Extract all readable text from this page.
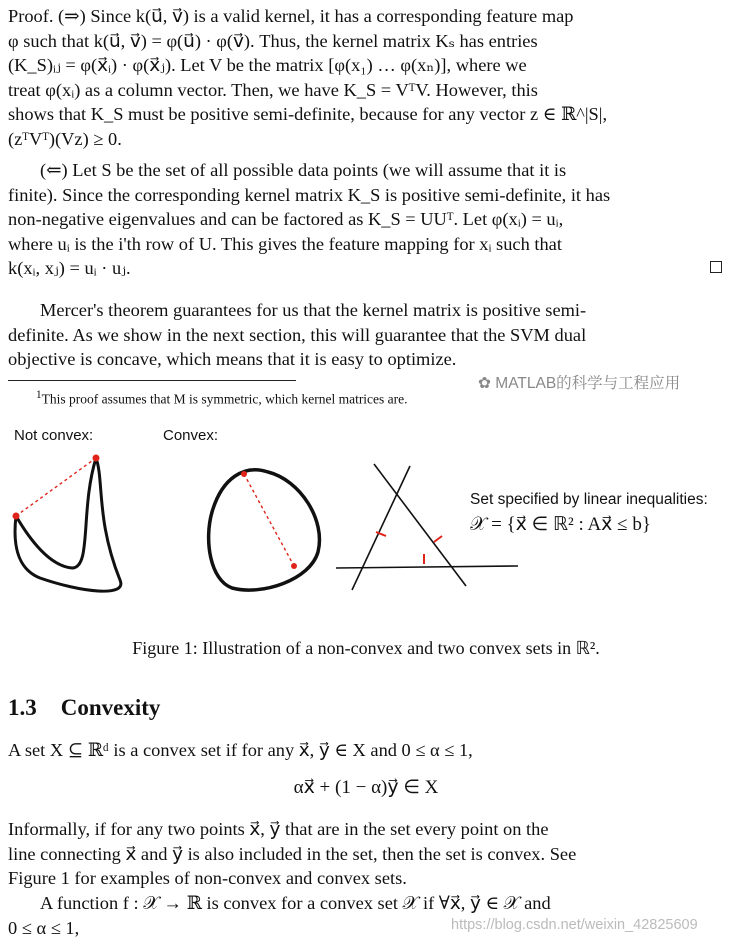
Proof. (⇒) Since k(u⃗, v⃗) is a valid kernel, it has a corresponding feature map
φ such that k(u⃗, v⃗) = φ(u⃗) · φ(v⃗). Thus, the kernel matrix Kₛ has entries
(K_S)ᵢⱼ = φ(x⃗ᵢ) · φ(x⃗ⱼ). Let V be the matrix [φ(x₁) … φ(xₙ)], where we
treat φ(xᵢ) as a column vector. Then, we have K_S = VᵀV. However, this
shows that K_S must be positive semi-definite, because for any vector z ∈ ℝ^|S|,
(zᵀVᵀ)(Vz) ≥ 0.
(⇐) Let S be the set of all possible data points (we will assume that it is
finite). Since the corresponding kernel matrix K_S is positive semi-definite, it has
non-negative eigenvalues and can be factored as K_S = UUᵀ. Let φ(xᵢ) = uᵢ,
where uᵢ is the i'th row of U. This gives the feature mapping for xᵢ such that
k(xᵢ, xⱼ) = uᵢ · uⱼ.
Mercer's theorem guarantees for us that the kernel matrix is positive semi-
definite. As we show in the next section, this will guarantee that the SVM dual
objective is concave, which means that it is easy to optimize.
✿ MATLAB的科学与工程应用
$^1$This proof assumes that M is symmetric, which kernel matrices are.
Not convex:	Convex:
Set specified by linear inequalities:
𝒳 = {x⃗ ∈ ℝ² : Ax⃗ ≤ b}
Figure 1: Illustration of a non-convex and two convex sets in ℝ².
1.3 Convexity
A set X ⊆ ℝᵈ is a convex set if for any x⃗, y⃗ ∈ X and 0 ≤ α ≤ 1,
αx⃗ + (1 − α)y⃗ ∈ X
Informally, if for any two points x⃗, y⃗ that are in the set every point on the
line connecting x⃗ and y⃗ is also included in the set, then the set is convex. See
Figure 1 for examples of non-convex and convex sets.
A function f : 𝒳 → ℝ is convex for a convex set 𝒳 if ∀x⃗, y⃗ ∈ 𝒳 and
0 ≤ α ≤ 1,	https://blog.csdn.net/weixin_42825609
